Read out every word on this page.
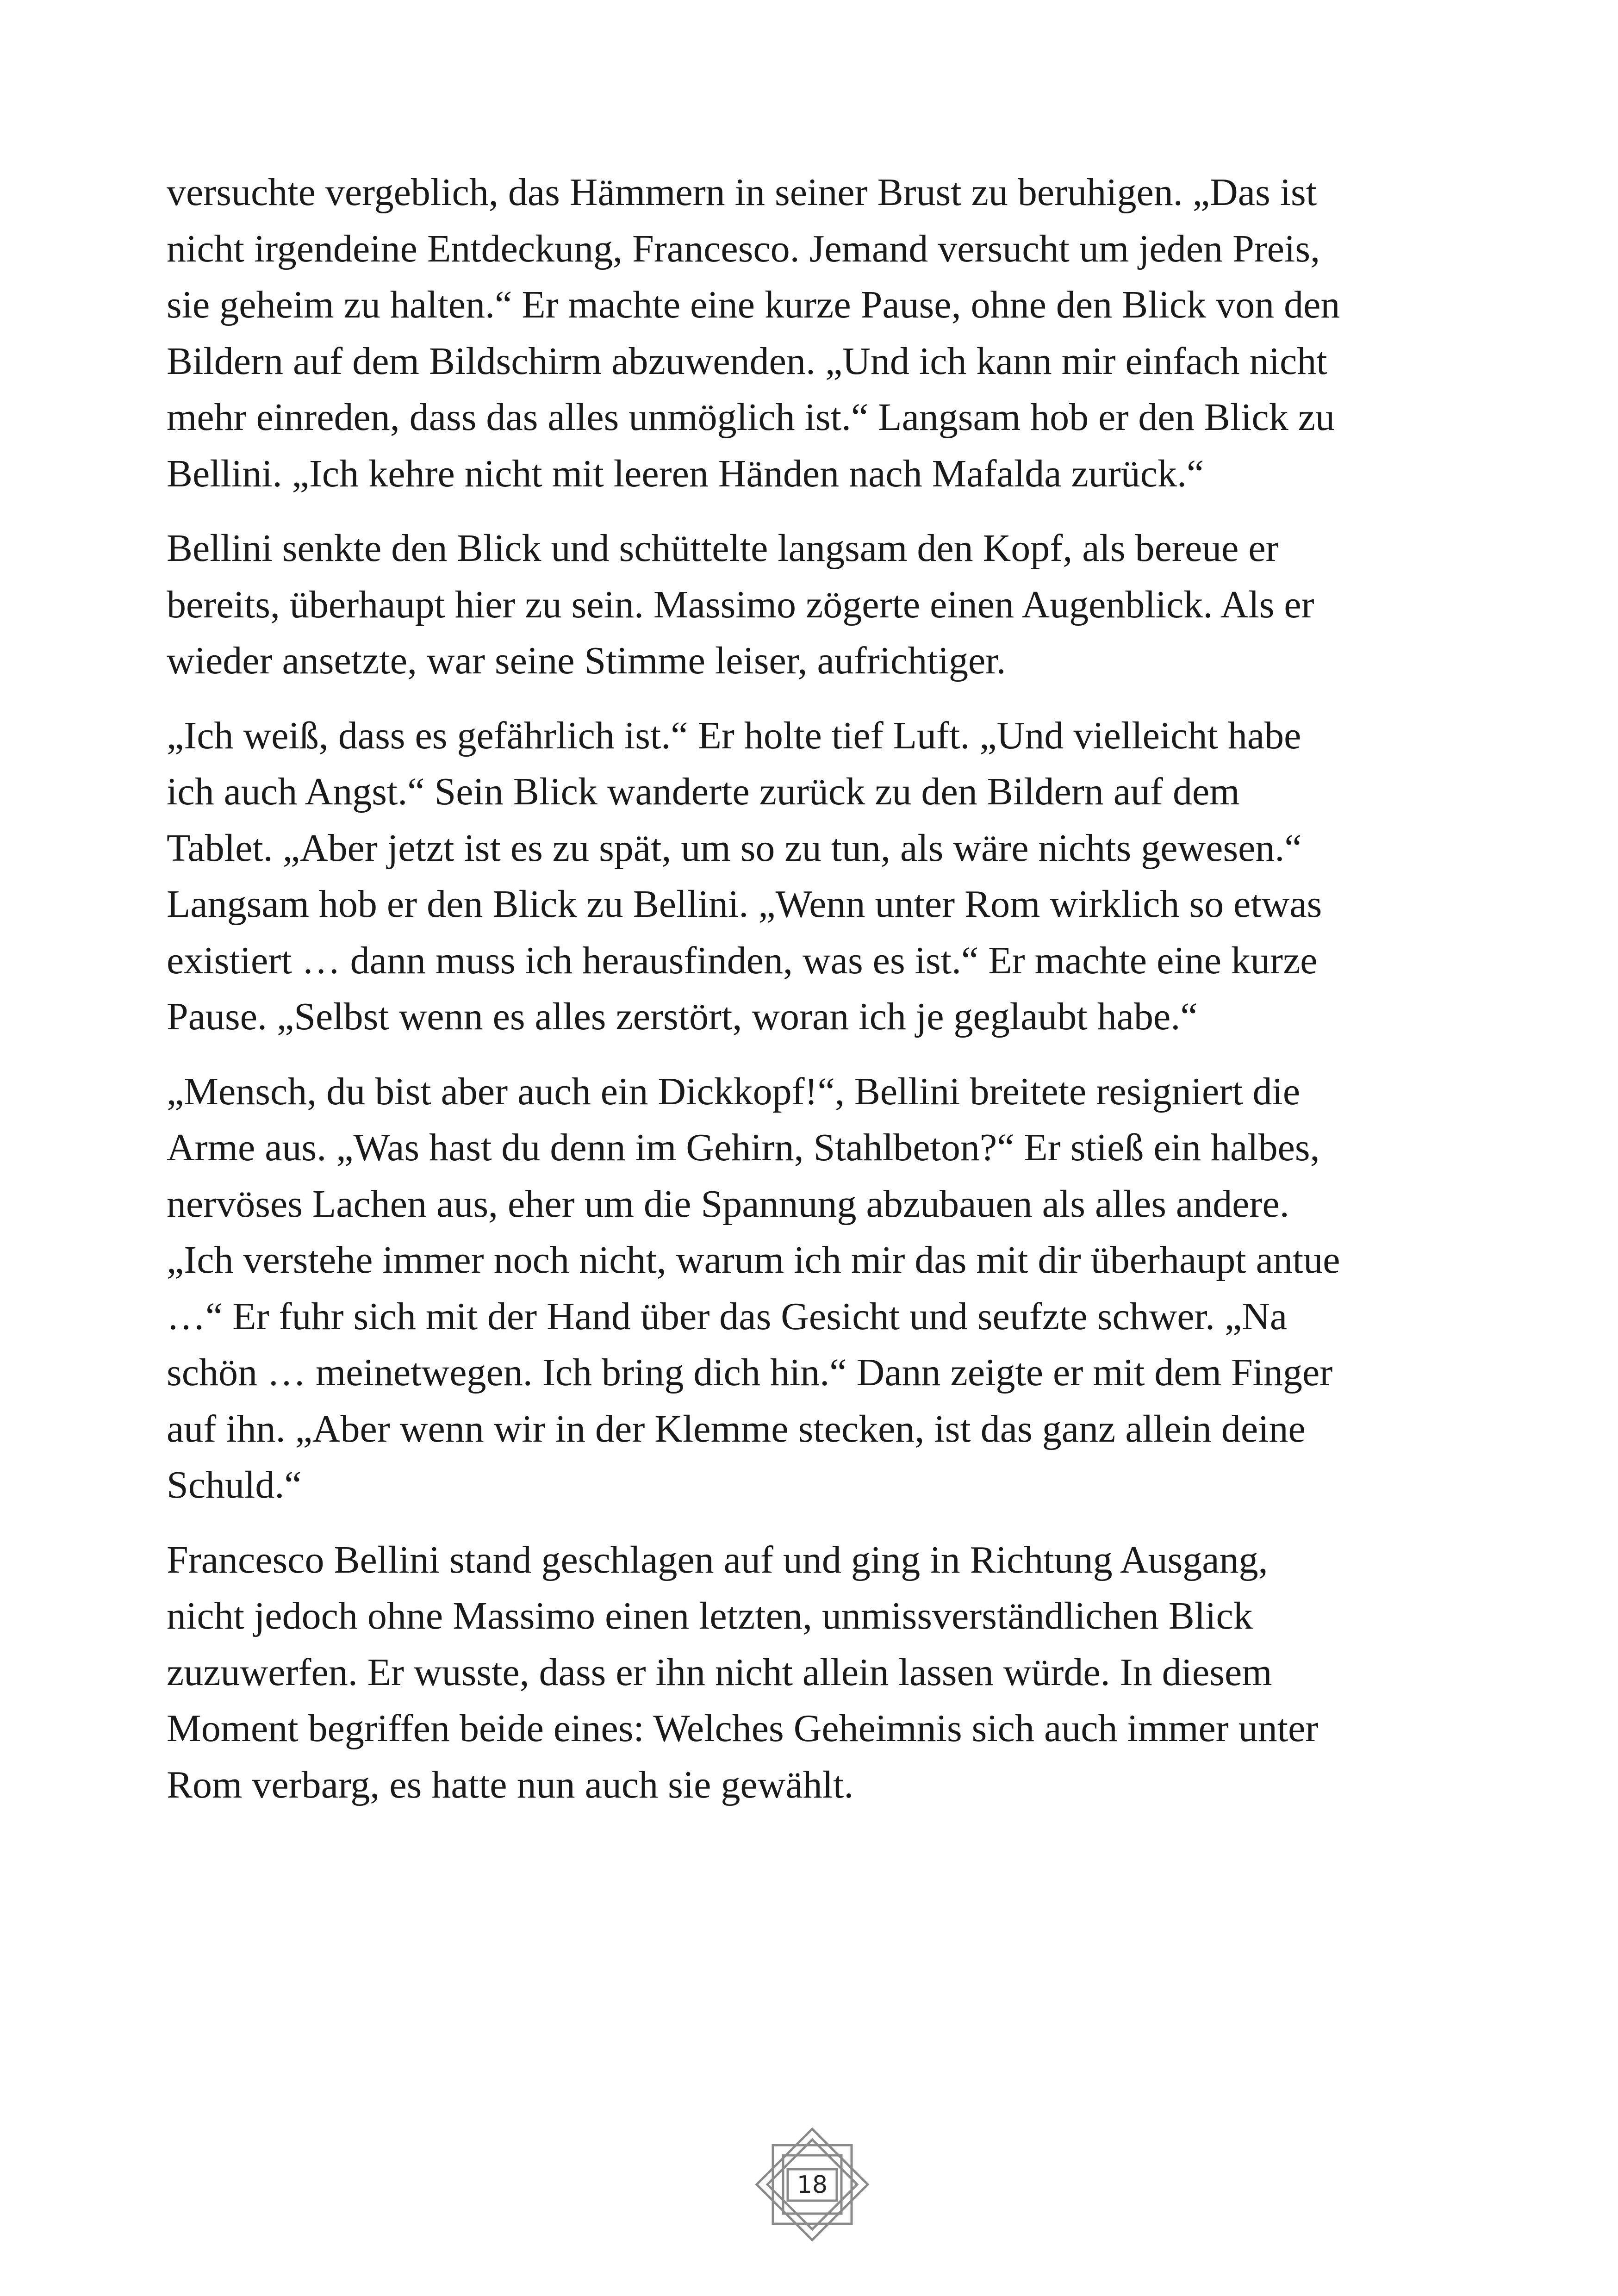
versuchte vergeblich, das Hämmern in seiner Brust zu beruhigen. „Das ist
nicht irgendeine Entdeckung, Francesco. Jemand versucht um jeden Preis,
sie geheim zu halten.“ Er machte eine kurze Pause, ohne den Blick von den
Bildern auf dem Bildschirm abzuwenden. „Und ich kann mir einfach nicht
mehr einreden, dass das alles unmöglich ist.“ Langsam hob er den Blick zu
Bellini. „Ich kehre nicht mit leeren Händen nach Mafalda zurück.“
Bellini senkte den Blick und schüttelte langsam den Kopf, als bereue er
bereits, überhaupt hier zu sein. Massimo zögerte einen Augenblick. Als er
wieder ansetzte, war seine Stimme leiser, aufrichtiger.
„Ich weiß, dass es gefährlich ist.“ Er holte tief Luft. „Und vielleicht habe
ich auch Angst.“ Sein Blick wanderte zurück zu den Bildern auf dem
Tablet. „Aber jetzt ist es zu spät, um so zu tun, als wäre nichts gewesen.“
Langsam hob er den Blick zu Bellini. „Wenn unter Rom wirklich so etwas
existiert … dann muss ich herausfinden, was es ist.“ Er machte eine kurze
Pause. „Selbst wenn es alles zerstört, woran ich je geglaubt habe.“
„Mensch, du bist aber auch ein Dickkopf!“, Bellini breitete resigniert die
Arme aus. „Was hast du denn im Gehirn, Stahlbeton?“ Er stieß ein halbes,
nervöses Lachen aus, eher um die Spannung abzubauen als alles andere.
„Ich verstehe immer noch nicht, warum ich mir das mit dir überhaupt antue
…“ Er fuhr sich mit der Hand über das Gesicht und seufzte schwer. „Na
schön … meinetwegen. Ich bring dich hin.“ Dann zeigte er mit dem Finger
auf ihn. „Aber wenn wir in der Klemme stecken, ist das ganz allein deine
Schuld.“
Francesco Bellini stand geschlagen auf und ging in Richtung Ausgang,
nicht jedoch ohne Massimo einen letzten, unmissverständlichen Blick
zuzuwerfen. Er wusste, dass er ihn nicht allein lassen würde. In diesem
Moment begriffen beide eines: Welches Geheimnis sich auch immer unter
Rom verbarg, es hatte nun auch sie gewählt.
18
